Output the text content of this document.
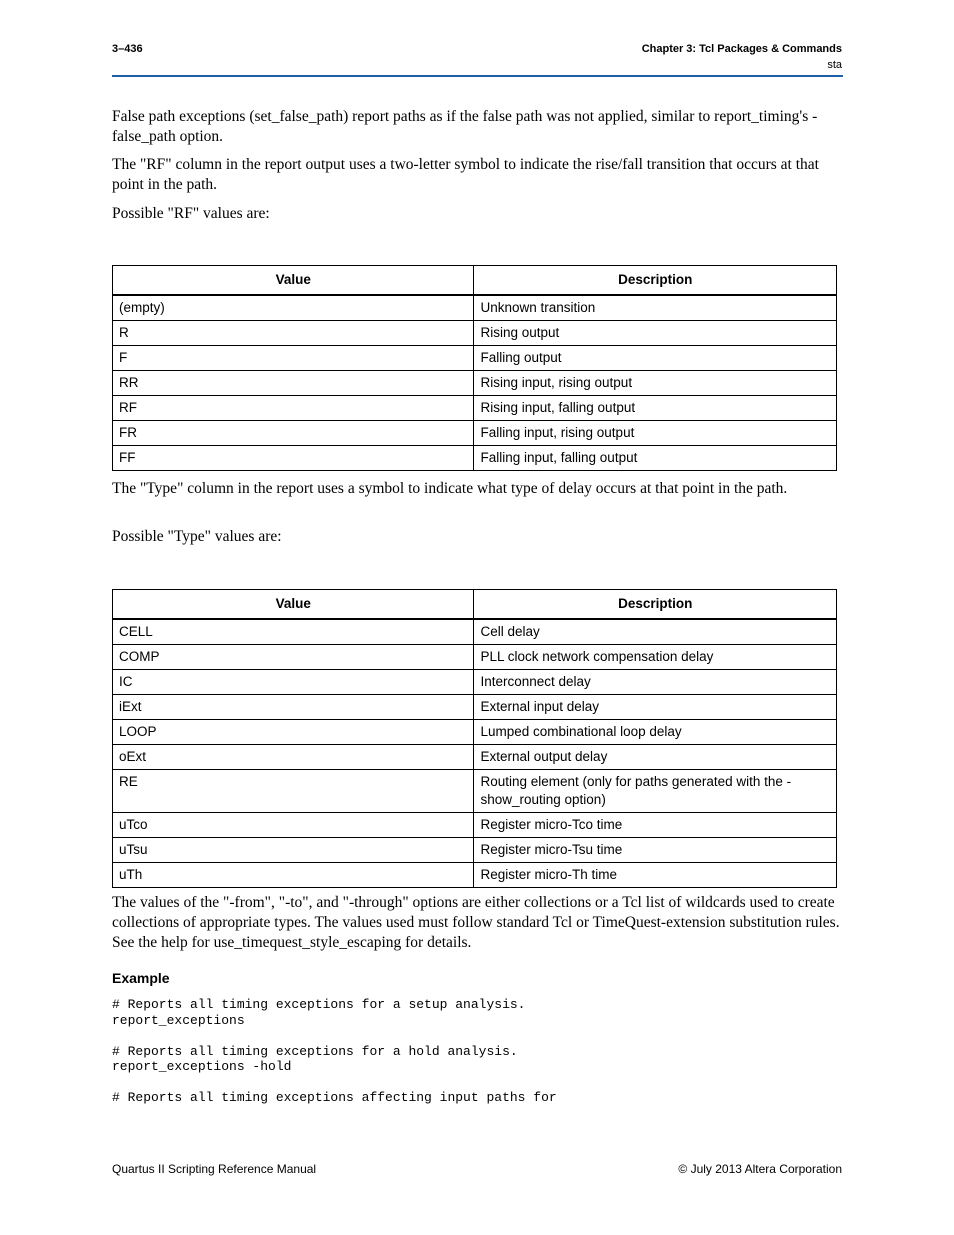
3–436	Chapter 3: Tcl Packages & Commands
sta

False path exceptions (set_false_path) report paths as if the false path was not applied, similar to report_timing's -false_path option.

The "RF" column in the report output uses a two-letter symbol to indicate the rise/fall transition that occurs at that point in the path.

Possible "RF" values are:

Value	Description
(empty)	Unknown transition
R	Rising output
F	Falling output
RR	Rising input, rising output
RF	Rising input, falling output
FR	Falling input, rising output
FF	Falling input, falling output

The "Type" column in the report uses a symbol to indicate what type of delay occurs at that point in the path.

Possible "Type" values are:

Value	Description
CELL	Cell delay
COMP	PLL clock network compensation delay
IC	Interconnect delay
iExt	External input delay
LOOP	Lumped combinational loop delay
oExt	External output delay
RE	Routing element (only for paths generated with the -show_routing option)
uTco	Register micro-Tco time
uTsu	Register micro-Tsu time
uTh	Register micro-Th time

The values of the "-from", "-to", and "-through" options are either collections or a Tcl list of wildcards used to create collections of appropriate types. The values used must follow standard Tcl or TimeQuest-extension substitution rules. See the help for use_timequest_style_escaping for details.

Example
# Reports all timing exceptions for a setup analysis.
report_exceptions

# Reports all timing exceptions for a hold analysis.
report_exceptions -hold

# Reports all timing exceptions affecting input paths for
Quartus II Scripting Reference Manual	© July 2013 Altera Corporation
